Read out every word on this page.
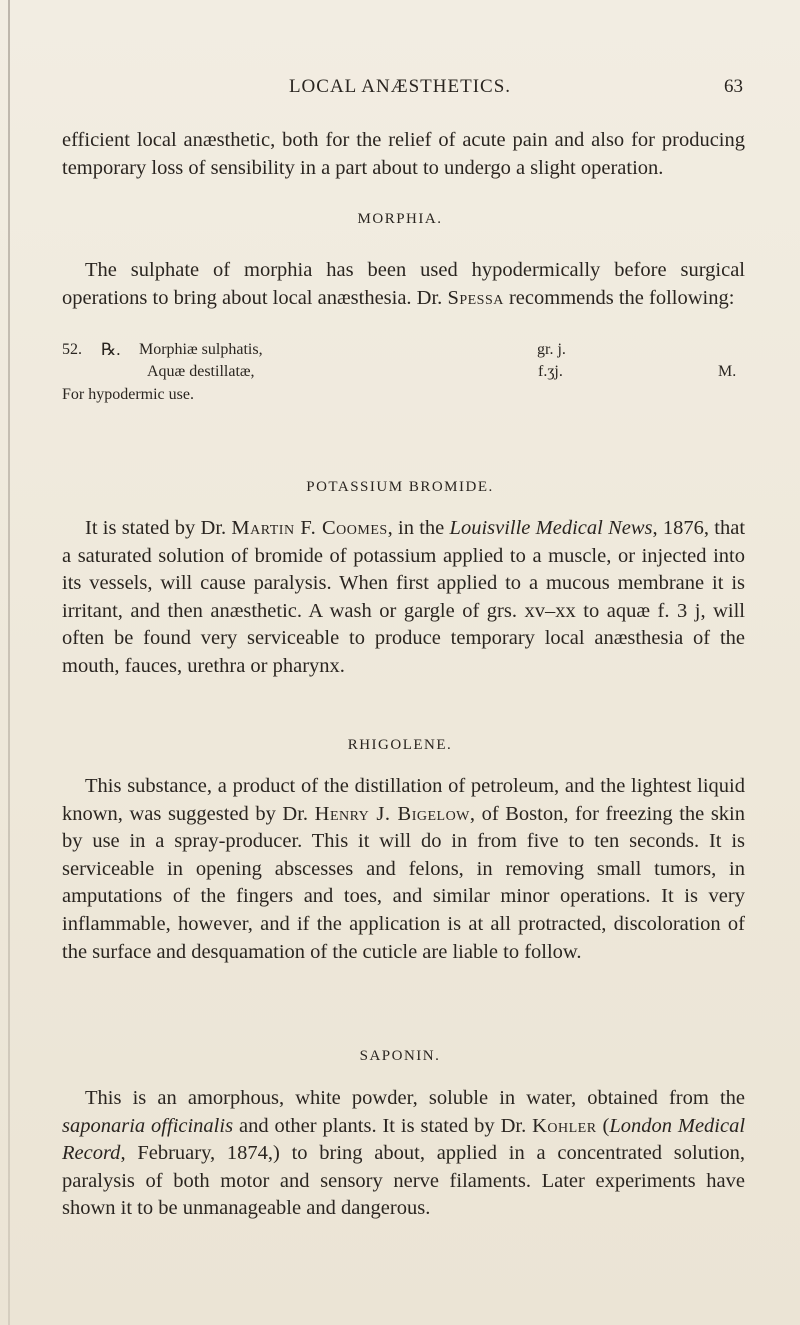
LOCAL ANÆSTHETICS.	63

efficient local anæsthetic, both for the relief of acute pain and also for producing temporary loss of sensibility in a part about to undergo a slight operation.

MORPHIA.

The sulphate of morphia has been used hypodermically before surgical operations to bring about local anæsthesia. Dr. Spessa recommends the following:

52. ℞. Morphiæ sulphatis,	gr. j.
Aquæ destillatæ,	f.ʒj.	M.
For hypodermic use.

POTASSIUM BROMIDE.

It is stated by Dr. Martin F. Coomes, in the Louisville Medical News, 1876, that a saturated solution of bromide of potassium applied to a muscle, or injected into its vessels, will cause paralysis. When first applied to a mucous membrane it is irritant, and then anæsthetic. A wash or gargle of grs. xv–xx to aquæ f. 3 j, will often be found very serviceable to produce temporary local anæsthesia of the mouth, fauces, urethra or pharynx.

RHIGOLENE.

This substance, a product of the distillation of petroleum, and the lightest liquid known, was suggested by Dr. Henry J. Bigelow, of Boston, for freezing the skin by use in a spray-producer. This it will do in from five to ten seconds. It is serviceable in opening abscesses and felons, in removing small tumors, in amputations of the fingers and toes, and similar minor operations. It is very inflammable, however, and if the application is at all protracted, discoloration of the surface and desquamation of the cuticle are liable to follow.

SAPONIN.

This is an amorphous, white powder, soluble in water, obtained from the saponaria officinalis and other plants. It is stated by Dr. Kohler (London Medical Record, February, 1874,) to bring about, applied in a concentrated solution, paralysis of both motor and sensory nerve filaments. Later experiments have shown it to be unmanageable and dangerous.
